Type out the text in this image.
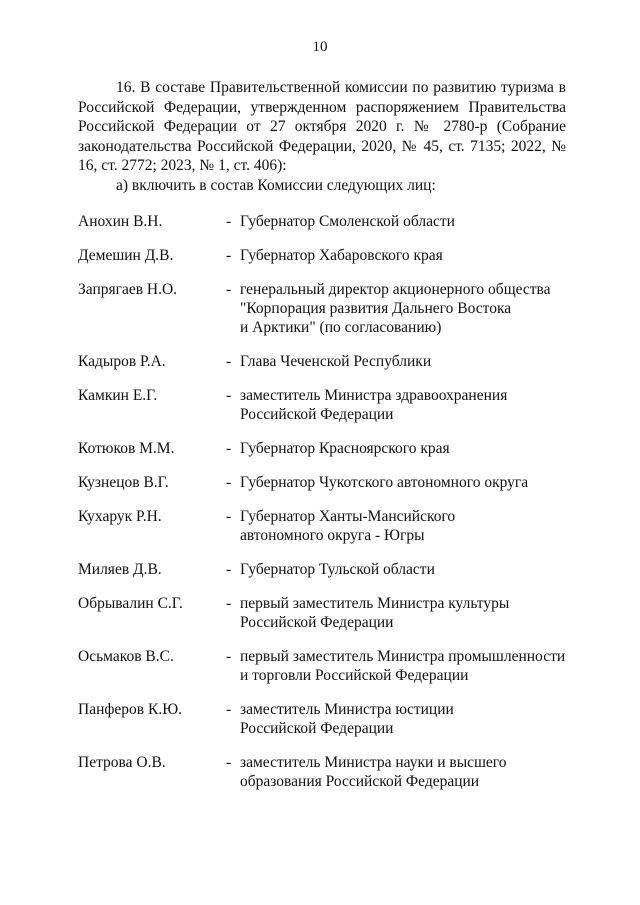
10

16. В составе Правительственной комиссии по развитию туризма в Российской Федерации, утвержденном распоряжением Правительства Российской Федерации от 27 октября 2020 г. № 2780-р (Собрание законодательства Российской Федерации, 2020, № 45, ст. 7135; 2022, № 16, ст. 2772; 2023, № 1, ст. 406):

а) включить в состав Комиссии следующих лиц:

Анохин В.Н.	- Губернатор Смоленской области
Демешин Д.В.	- Губернатор Хабаровского края
Запрягаев Н.О.	- генеральный директор акционерного общества
"Корпорация развития Дальнего Востока
и Арктики" (по согласованию)
Кадыров Р.А.	- Глава Чеченской Республики
Камкин Е.Г.	- заместитель Министра здравоохранения
Российской Федерации
Котюков М.М.	- Губернатор Красноярского края
Кузнецов В.Г.	- Губернатор Чукотского автономного округа
Кухарук Р.Н.	- Губернатор Ханты-Мансийского
автономного округа - Югры
Миляев Д.В.	- Губернатор Тульской области
Обрывалин С.Г.	- первый заместитель Министра культуры
Российской Федерации
Осьмаков В.С.	- первый заместитель Министра промышленности
и торговли Российской Федерации
Панферов К.Ю.	- заместитель Министра юстиции
Российской Федерации
Петрова О.В.	- заместитель Министра науки и высшего
образования Российской Федерации
